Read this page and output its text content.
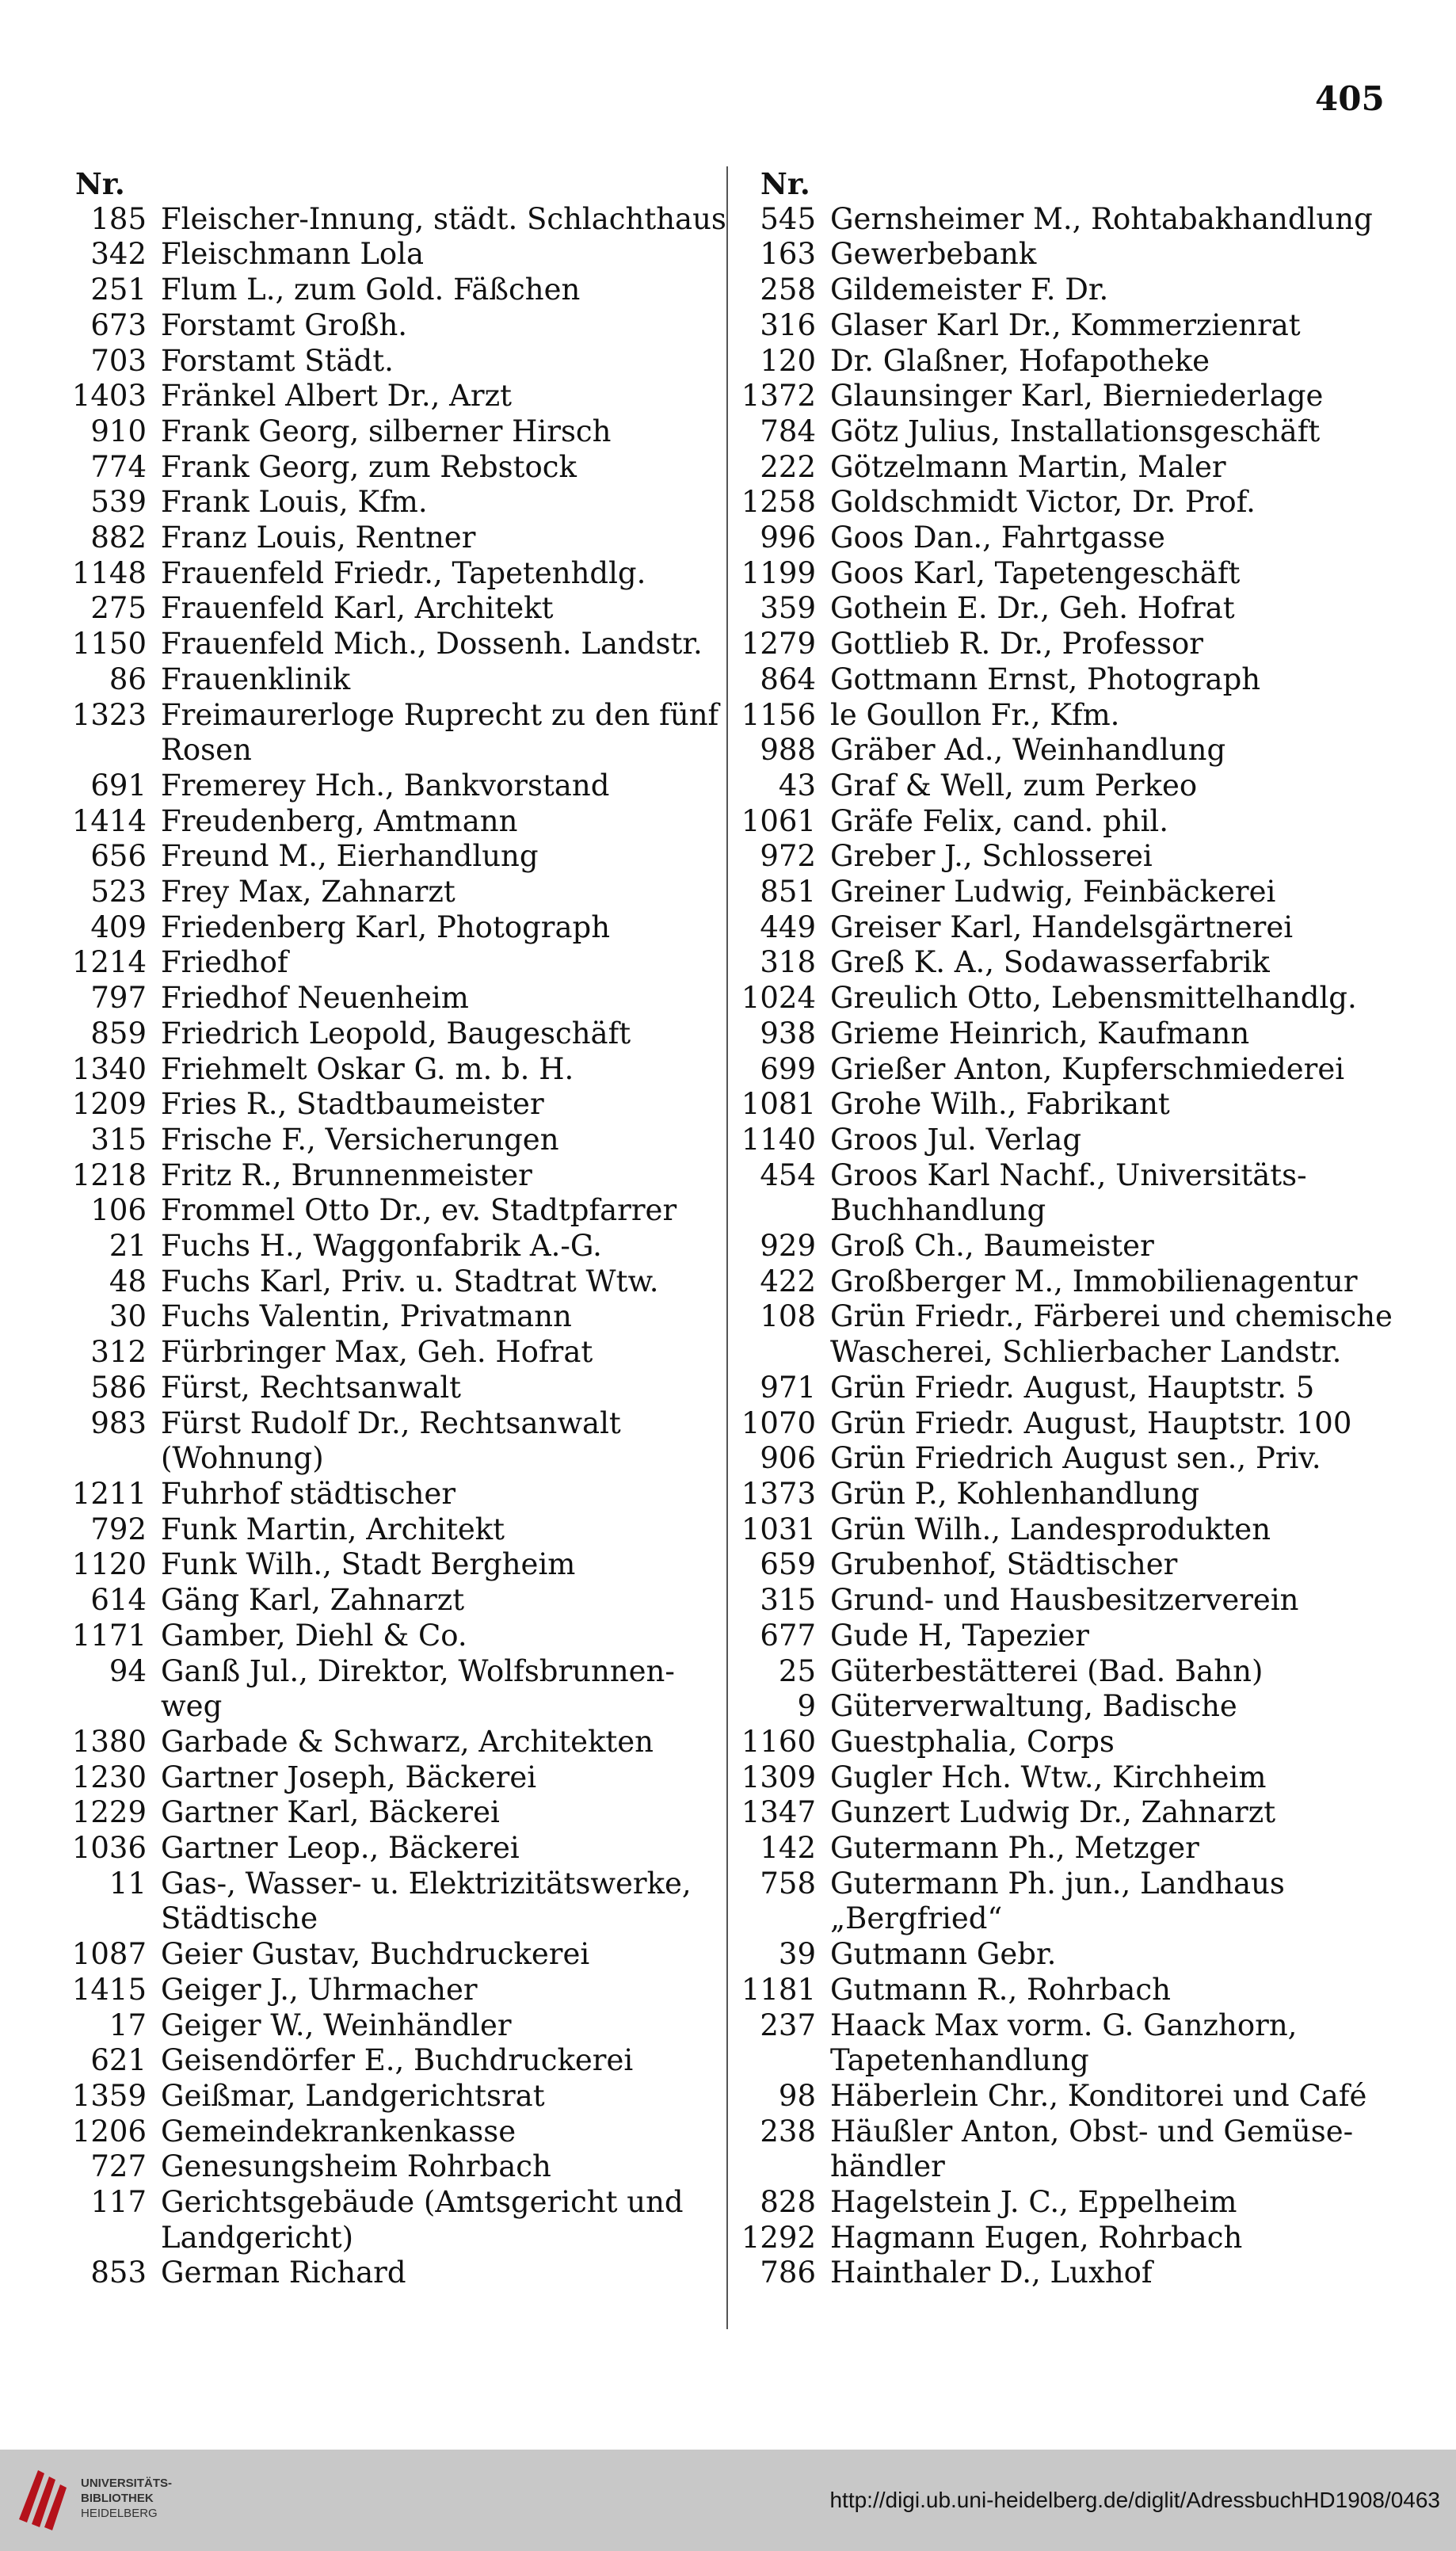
405
Nr.
185 Fleischer-Innung, städt. Schlachthaus
342 Fleischmann Lola
251 Flum L., zum Gold. Fäßchen
673 Forstamt Großh.
703 Forstamt Städt.
1403 Fränkel Albert Dr., Arzt
910 Frank Georg, silberner Hirsch
774 Frank Georg, zum Rebstock
539 Frank Louis, Kfm.
882 Franz Louis, Rentner
1148 Frauenfeld Friedr., Tapetenhdlg.
275 Frauenfeld Karl, Architekt
1150 Frauenfeld Mich., Dossenh. Landstr.
86 Frauenklinik
1323 Freimaurerloge Ruprecht zu den fünf
Rosen
691 Fremerey Hch., Bankvorstand
1414 Freudenberg, Amtmann
656 Freund M., Eierhandlung
523 Frey Max, Zahnarzt
409 Friedenberg Karl, Photograph
1214 Friedhof
797 Friedhof Neuenheim
859 Friedrich Leopold, Baugeschäft
1340 Friehmelt Oskar G. m. b. H.
1209 Fries R., Stadtbaumeister
315 Frische F., Versicherungen
1218 Fritz R., Brunnenmeister
106 Frommel Otto Dr., ev. Stadtpfarrer
21 Fuchs H., Waggonfabrik A.-G.
48 Fuchs Karl, Priv. u. Stadtrat Wtw.
30 Fuchs Valentin, Privatmann
312 Fürbringer Max, Geh. Hofrat
586 Fürst, Rechtsanwalt
983 Fürst Rudolf Dr., Rechtsanwalt
(Wohnung)
1211 Fuhrhof städtischer
792 Funk Martin, Architekt
1120 Funk Wilh., Stadt Bergheim
614 Gäng Karl, Zahnarzt
1171 Gamber, Diehl & Co.
94 Ganß Jul., Direktor, Wolfsbrunnen-
weg
1380 Garbade & Schwarz, Architekten
1230 Gartner Joseph, Bäckerei
1229 Gartner Karl, Bäckerei
1036 Gartner Leop., Bäckerei
11 Gas-, Wasser- u. Elektrizitätswerke,
Städtische
1087 Geier Gustav, Buchdruckerei
1415 Geiger J., Uhrmacher
17 Geiger W., Weinhändler
621 Geisendörfer E., Buchdruckerei
1359 Geißmar, Landgerichtsrat
1206 Gemeindekrankenkasse
727 Genesungsheim Rohrbach
117 Gerichtsgebäude (Amtsgericht und
Landgericht)
853 German Richard
Nr.
545 Gernsheimer M., Rohtabakhandlung
163 Gewerbebank
258 Gildemeister F. Dr.
316 Glaser Karl Dr., Kommerzienrat
120 Dr. Glaßner, Hofapotheke
1372 Glaunsinger Karl, Bierniederlage
784 Götz Julius, Installationsgeschäft
222 Götzelmann Martin, Maler
1258 Goldschmidt Victor, Dr. Prof.
996 Goos Dan., Fahrtgasse
1199 Goos Karl, Tapetengeschäft
359 Gothein E. Dr., Geh. Hofrat
1279 Gottlieb R. Dr., Professor
864 Gottmann Ernst, Photograph
1156 le Goullon Fr., Kfm.
988 Gräber Ad., Weinhandlung
43 Graf & Well, zum Perkeo
1061 Gräfe Felix, cand. phil.
972 Greber J., Schlosserei
851 Greiner Ludwig, Feinbäckerei
449 Greiser Karl, Handelsgärtnerei
318 Greß K. A., Sodawasserfabrik
1024 Greulich Otto, Lebensmittelhandlg.
938 Grieme Heinrich, Kaufmann
699 Grießer Anton, Kupferschmiederei
1081 Grohe Wilh., Fabrikant
1140 Groos Jul. Verlag
454 Groos Karl Nachf., Universitäts-
Buchhandlung
929 Groß Ch., Baumeister
422 Großberger M., Immobilienagentur
108 Grün Friedr., Färberei und chemische
Wascherei, Schlierbacher Landstr.
971 Grün Friedr. August, Hauptstr. 5
1070 Grün Friedr. August, Hauptstr. 100
906 Grün Friedrich August sen., Priv.
1373 Grün P., Kohlenhandlung
1031 Grün Wilh., Landesprodukten
659 Grubenhof, Städtischer
315 Grund- und Hausbesitzerverein
677 Gude H, Tapezier
25 Güterbestätterei (Bad. Bahn)
9 Güterverwaltung, Badische
1160 Guestphalia, Corps
1309 Gugler Hch. Wtw., Kirchheim
1347 Gunzert Ludwig Dr., Zahnarzt
142 Gutermann Ph., Metzger
758 Gutermann Ph. jun., Landhaus
„Bergfried“
39 Gutmann Gebr.
1181 Gutmann R., Rohrbach
237 Haack Max vorm. G. Ganzhorn,
Tapetenhandlung
98 Häberlein Chr., Konditorei und Café
238 Häußler Anton, Obst- und Gemüse-
händler
828 Hagelstein J. C., Eppelheim
1292 Hagmann Eugen, Rohrbach
786 Hainthaler D., Luxhof
UNIVERSITÄTS-
BIBLIOTHEK
HEIDELBERG
http://digi.ub.uni-heidelberg.de/diglit/AdressbuchHD1908/0463
